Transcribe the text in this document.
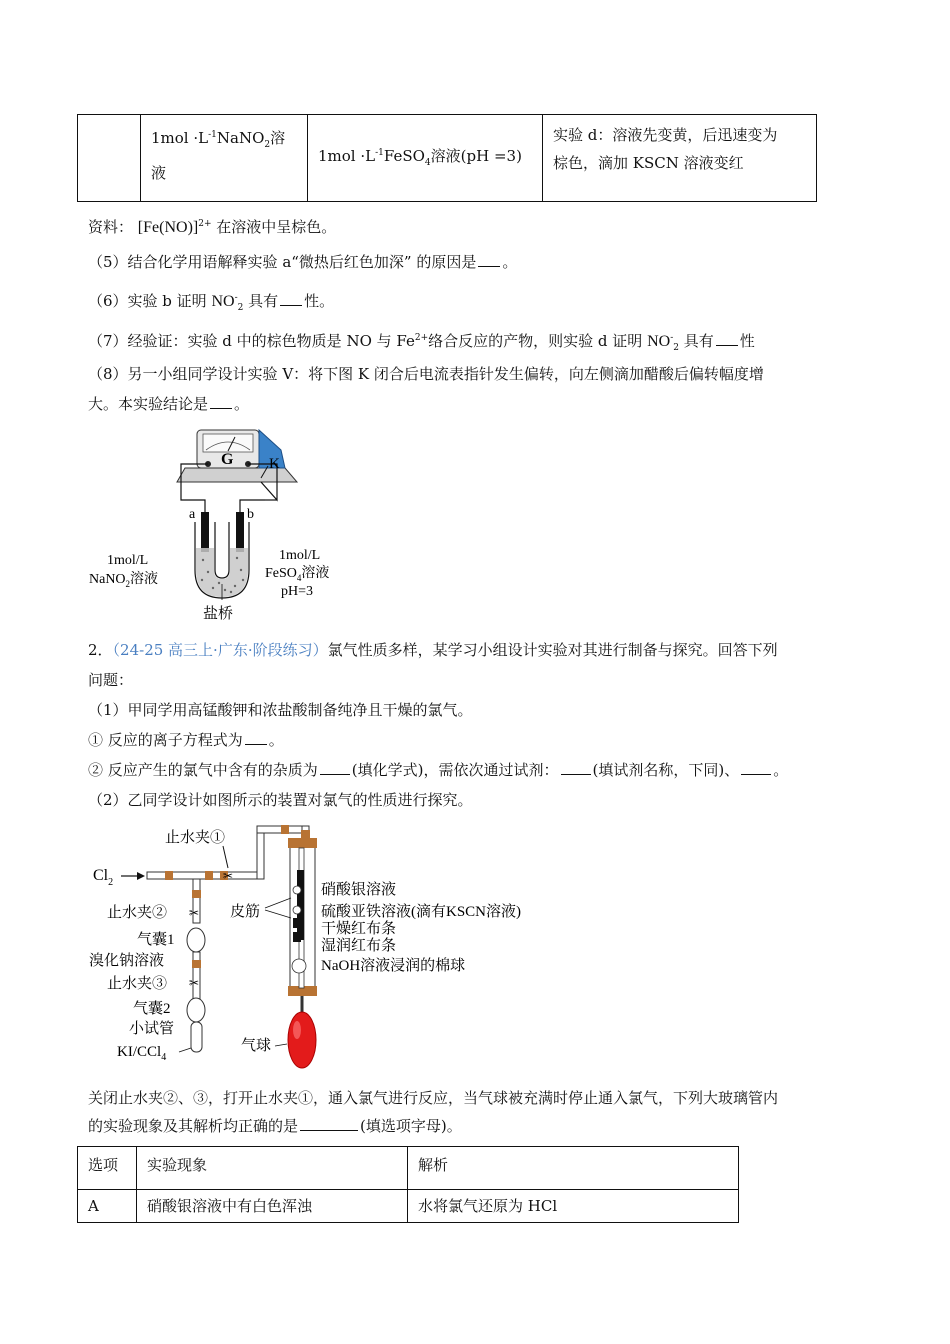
	$1mol \cdot L^{-1}NaNO_2$溶
液	$1mol \cdot L^{-1}FeSO_4$溶液(pH =3)	实验 d：溶液先变黄，后迅速变为
棕色，滴加 KSCN 溶液变红
资料： $[Fe(NO)]^{2+}$ 在溶液中呈棕色。
（5）结合化学用语解释实验 a“微热后红色加深” 的原因是 。
（6）实验 b 证明 $NO^-_2$ 具有 性。
（7）经验证：实验 d 中的棕色物质是 NO 与 $Fe^{2+}$络合反应的产物，则实验 d 证明 $NO^-_2$ 具有 性
（8）另一小组同学设计实验 V：将下图 K 闭合后电流表指针发生偏转，向左侧滴加醋酸后偏转幅度增
大。本实验结论是 。
G K
a	b
1mol/L
NaNO$_2$溶液
1mol/L
FeSO$_4$溶液
pH=3
盐桥
2．（24-25 高三上·广东·阶段练习）氯气性质多样，某学习小组设计实验对其进行制备与探究。回答下列
问题：
（1）甲同学用高锰酸钾和浓盐酸制备纯净且干燥的氯气。
① 反应的离子方程式为 。
② 反应产生的氯气中含有的杂质为 (填化学式)，需依次通过试剂： (填试剂名称，下同)、 。
（2）乙同学设计如图所示的装置对氯气的性质进行探究。
$Cl_2$
止水夹①
✂
✂
止水夹②
气囊1
溴化钠溶液
✂
止水夹③
气囊2
小试管
KI/CCl$_4$
皮筋
硝酸银溶液
硫酸亚铁溶液(滴有KSCN溶液)
干燥红布条
湿润红布条
NaOH溶液浸润的棉球
气球
关闭止水夹②、③，打开止水夹①，通入氯气进行反应，当气球被充满时停止通入氯气，下列大玻璃管内
的实验现象及其解析均正确的是	(填选项字母)。
选项	实验现象	解析
A	硝酸银溶液中有白色浑浊	水将氯气还原为 HCl
